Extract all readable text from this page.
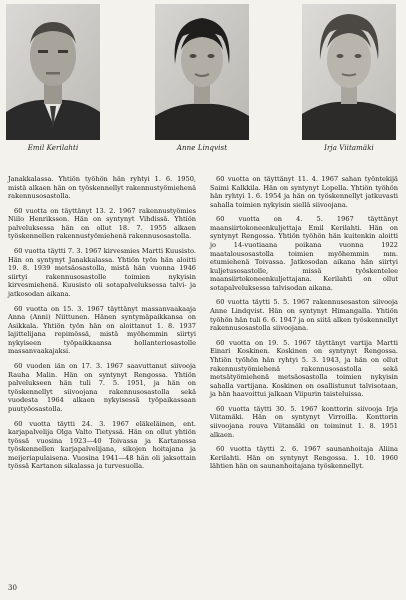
Emil Kerilahti	Anne Linqvist	Irja Viitamäki

Janakkalassa. Yhtiön työhön hän ryhtyi 1. 6. 1950, mistä alkaen hän on työskennellyt rakennustyömiehenä rakennusosastolla.

60 vuotta on täyttänyt 13. 2. 1967 rakennustyömies Niilo Henriksson. Hän on syntynyt Vihdissä. Yhtiön palveluksessa hän on ollut 18. 7. 1955 alkaen työskennellen rakennustyömiehenä rakennusosastolla.

60 vuotta täytti 7. 3. 1967 kirvesmies Martti Kuusisto. Hän on syntynyt Janakkalassa. Yhtiön työn hän aloitti 19. 8. 1939 metsäosastolla, mistä hän vuonna 1946 siirtyi rakennusosastolle toimien nykyisin kirvesmiehenä. Kuusisto oli sotapalveluksessa talvi- ja jatkosodan aikana.

60 vuotta on 15. 3. 1967 täyttänyt massanvaakaaja Anna (Anni) Niittunen. Hänen syntymäpaikkansa on Asikkala. Yhtiön työn hän on aloittanut 1. 8. 1937 lajittelijana repimössä, mistä myöhemmin siirtyi nykyiseen työpaikkaansa hollanteriosastolle massanvaakajaksi.

60 vuoden iän on 17. 3. 1967 saavuttanut siivooja Rauha Malin. Hän on syntynyt Rengossa. Yhtiön palvelukseen hän tuli 7. 5. 1951, ja hän on työskennellyt siivoojana rakennusosastolla sekä vuodesta 1964 alkaen nykyisessä työpaikassaan puutyöosastolla.

60 vuotta täytti 24. 3. 1967 eläkeläinen, ent. karjapalvelija Olga Valto Tietyssä. Hän on ollut yhtiön työssä vuosina 1923—40 Toivassa ja Kartanossa työskennellen karjapalvelijana, sikojen hoitajana ja meijeriapulaisena. Vuosina 1941—48 hän oli jaksottain työssä Kartanon sikalassa ja turvesuolla.

60 vuotta on täyttänyt 11. 4. 1967 sahan työntekijä Saimi Kalkkila. Hän on syntynyt Lopella. Yhtiön työhön hän ryhtyi 1. 6. 1954 ja hän on työskennellyt jatkuvasti sahalla toimien nykyisin siellä siivoojana.

60 vuotta on 4. 5. 1967 täyttänyt maansiirtokoneenkuljettaja Emil Kerilahti. Hän on syntynyt Rengossa. Yhtiön työhön hän kuitenkin aloitti jo 14-vuotiaana poikana vuonna 1922 maatalousosastolla toimien myöhemmin mm. etumiehenä Toivassa. Jatkosodan aikana hän siirtyi kuljetusosastolle, missä työskentelee maansiirtokoneenkuljettajana. Kerilahti on ollut sotapalveluksessa talvisodan aikana.

60 vuotta täytti 5. 5. 1967 rakennusosaston siivooja Anne Lindqvist. Hän on syntynyt Himangalla. Yhtiön työhön hän tuli 6. 6. 1947 ja on siitä alken työskennellyt rakennusosastolla siivoojana.

60 vuotta on 19. 5. 1967 täyttänyt vartija Martti Einari Koskinen. Koskinen on syntynyt Rengossa. Yhtiön työhön hän ryhtyi 5. 3. 1943, ja hän on ollut rakennustyömiehenä rakennusosastolla sekä metsätyömiehenä metsäosastolla toimien nykyisin sahalla vartijana. Koskinen on osallistunut talvisotaan, ja hän haavoittui jalkaan Viipurin taisteluissa.

60 vuotta täytti 30. 5. 1967 konttorin siivooja Irja Viitamäki. Hän on syntynyt Virroilla. Konttorin siivoojana rouva Viitamäki on toiminut 1. 8. 1951 alkaen.

60 vuotta täytti 2. 6. 1967 saunanhoitaja Aliina Kerilahti. Hän on syntynyt Rengossa. 1. 10. 1960 lähtien hän on saunanhoitajana työskennellyt.

30
